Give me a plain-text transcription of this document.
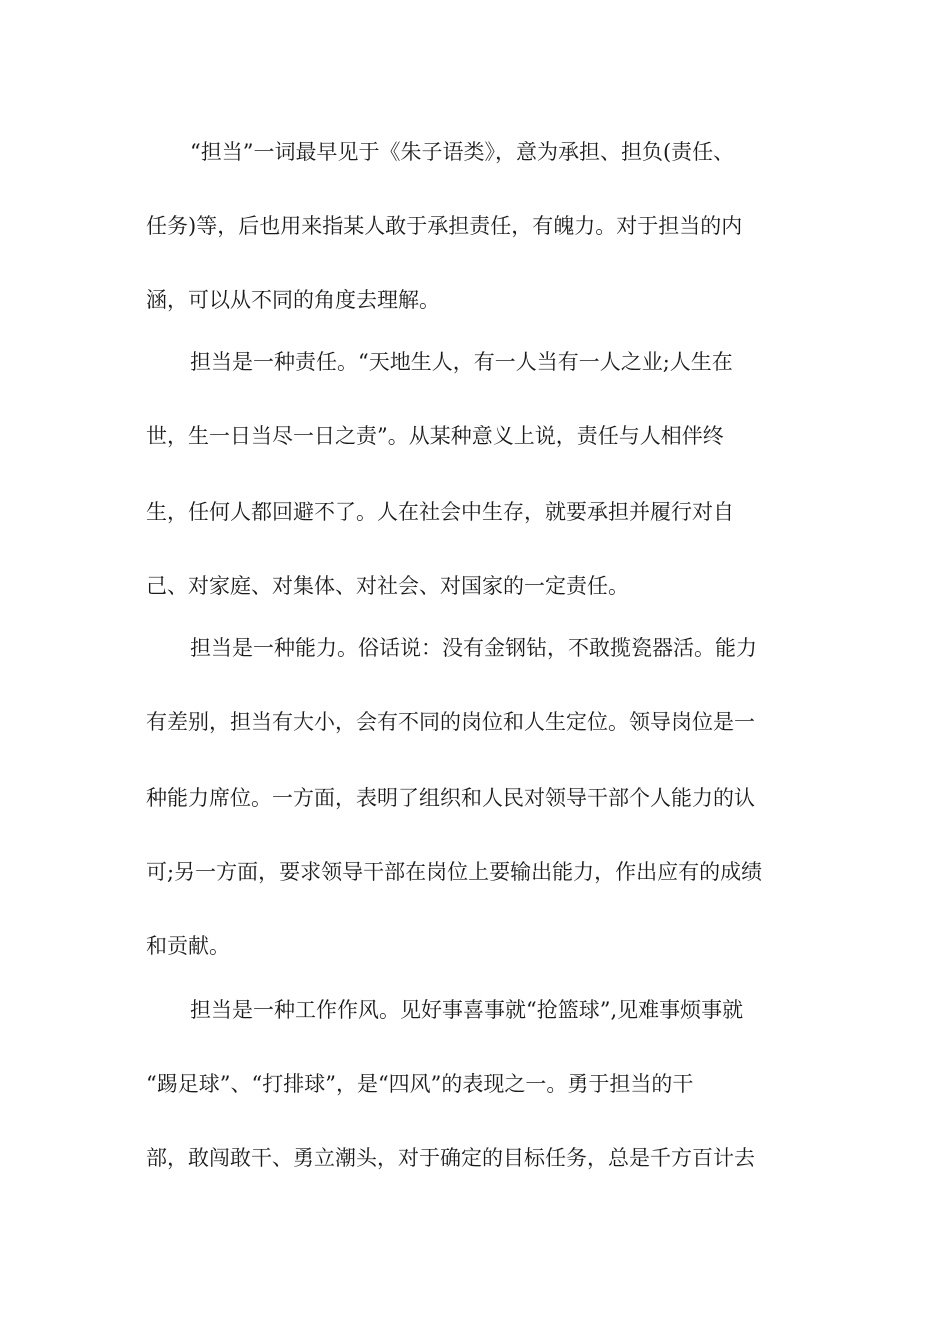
“担当”一词最早见于《朱子语类》，意为承担、担负(责任、
任务)等，后也用来指某人敢于承担责任，有魄力。对于担当的内
涵，可以从不同的角度去理解。
担当是一种责任。“天地生人，有一人当有一人之业;人生在
世，生一日当尽一日之责”。从某种意义上说，责任与人相伴终
生，任何人都回避不了。人在社会中生存，就要承担并履行对自
己、对家庭、对集体、对社会、对国家的一定责任。
担当是一种能力。俗话说：没有金钢钻，不敢揽瓷器活。能力
有差别，担当有大小，会有不同的岗位和人生定位。领导岗位是一
种能力席位。一方面，表明了组织和人民对领导干部个人能力的认
可;另一方面，要求领导干部在岗位上要输出能力，作出应有的成绩
和贡献。
担当是一种工作作风。见好事喜事就“抢篮球”,见难事烦事就
“踢足球”、“打排球”，是“四风”的表现之一。勇于担当的干
部，敢闯敢干、勇立潮头，对于确定的目标任务，总是千方百计去
